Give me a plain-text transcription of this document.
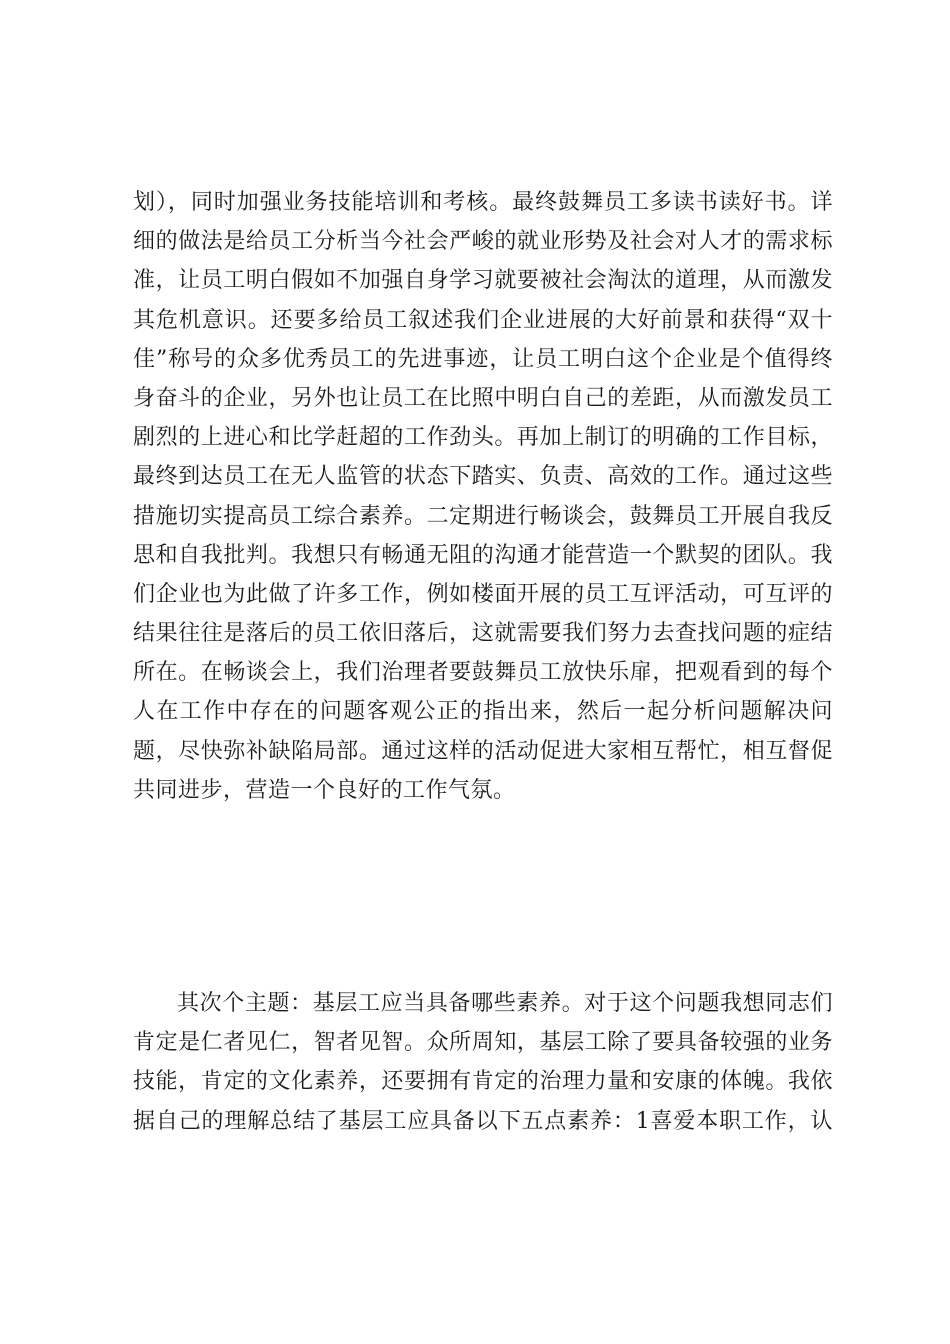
划），同时加强业务技能培训和考核。最终鼓舞员工多读书读好书。详
细的做法是给员工分析当今社会严峻的就业形势及社会对人才的需求标
准，让员工明白假如不加强自身学习就要被社会淘汰的道理，从而激发
其危机意识。还要多给员工叙述我们企业进展的大好前景和获得“双十
佳”称号的众多优秀员工的先进事迹，让员工明白这个企业是个值得终
身奋斗的企业，另外也让员工在比照中明白自己的差距，从而激发员工
剧烈的上进心和比学赶超的工作劲头。再加上制订的明确的工作目标，
最终到达员工在无人监管的状态下踏实、负责、高效的工作。通过这些
措施切实提高员工综合素养。二定期进行畅谈会，鼓舞员工开展自我反
思和自我批判。我想只有畅通无阻的沟通才能营造一个默契的团队。我
们企业也为此做了许多工作，例如楼面开展的员工互评活动，可互评的
结果往往是落后的员工依旧落后，这就需要我们努力去查找问题的症结
所在。在畅谈会上，我们治理者要鼓舞员工放快乐扉，把观看到的每个
人在工作中存在的问题客观公正的指出来，然后一起分析问题解决问
题，尽快弥补缺陷局部。通过这样的活动促进大家相互帮忙，相互督促
共同进步，营造一个良好的工作气氛。
其次个主题：基层工应当具备哪些素养。对于这个问题我想同志们
肯定是仁者见仁，智者见智。众所周知，基层工除了要具备较强的业务
技能，肯定的文化素养，还要拥有肯定的治理力量和安康的体魄。我依
据自己的理解总结了基层工应具备以下五点素养：1喜爱本职工作，认
